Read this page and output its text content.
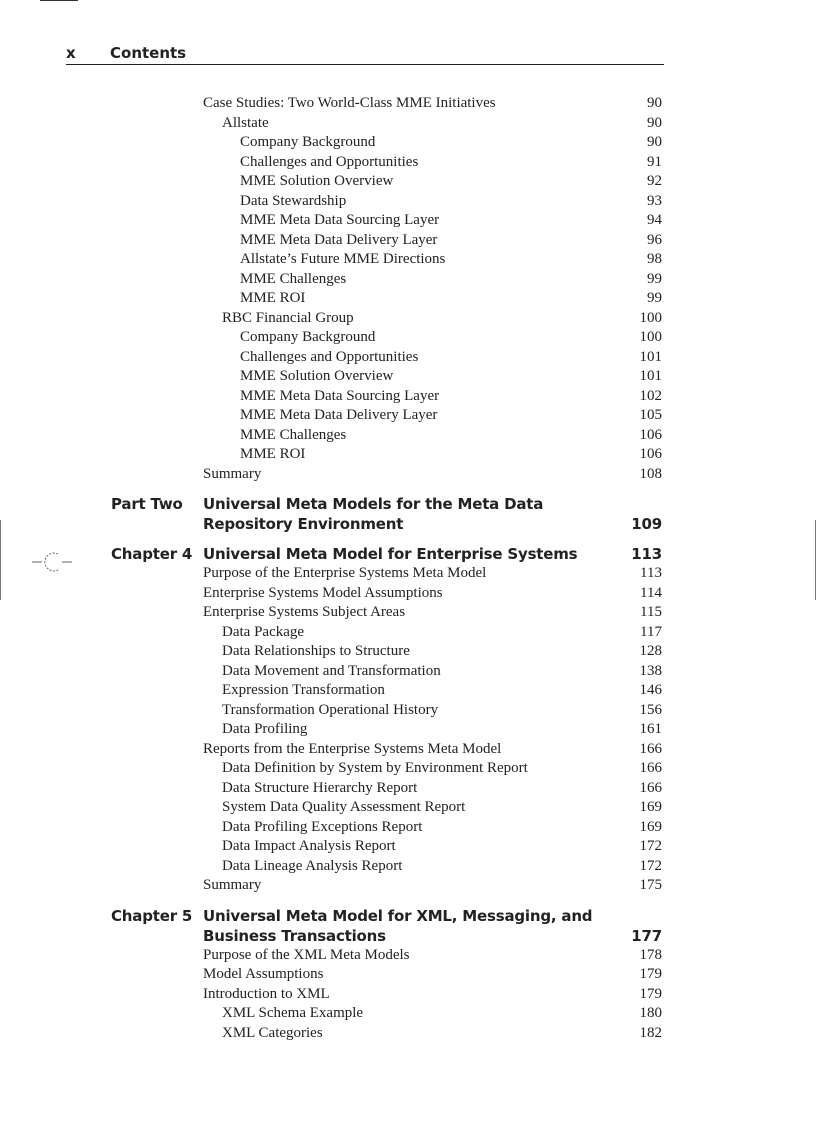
x Contents
Case Studies: Two World-Class MME Initiatives	90
Allstate	90
Company Background	90
Challenges and Opportunities	91
MME Solution Overview	92
Data Stewardship	93
MME Meta Data Sourcing Layer	94
MME Meta Data Delivery Layer	96
Allstate’s Future MME Directions	98
MME Challenges	99
MME ROI	99
RBC Financial Group	100
Company Background	100
Challenges and Opportunities	101
MME Solution Overview	101
MME Meta Data Sourcing Layer	102
MME Meta Data Delivery Layer	105
MME Challenges	106
MME ROI	106
Summary	108
Part Two Universal Meta Models for the Meta Data
Repository Environment	109
Chapter 4 Universal Meta Model for Enterprise Systems	113
Purpose of the Enterprise Systems Meta Model	113
Enterprise Systems Model Assumptions	114
Enterprise Systems Subject Areas	115
Data Package	117
Data Relationships to Structure	128
Data Movement and Transformation	138
Expression Transformation	146
Transformation Operational History	156
Data Profiling	161
Reports from the Enterprise Systems Meta Model	166
Data Definition by System by Environment Report	166
Data Structure Hierarchy Report	166
System Data Quality Assessment Report	169
Data Profiling Exceptions Report	169
Data Impact Analysis Report	172
Data Lineage Analysis Report	172
Summary	175
Chapter 5 Universal Meta Model for XML, Messaging, and
Business Transactions	177
Purpose of the XML Meta Models	178
Model Assumptions	179
Introduction to XML	179
XML Schema Example	180
XML Categories	182
